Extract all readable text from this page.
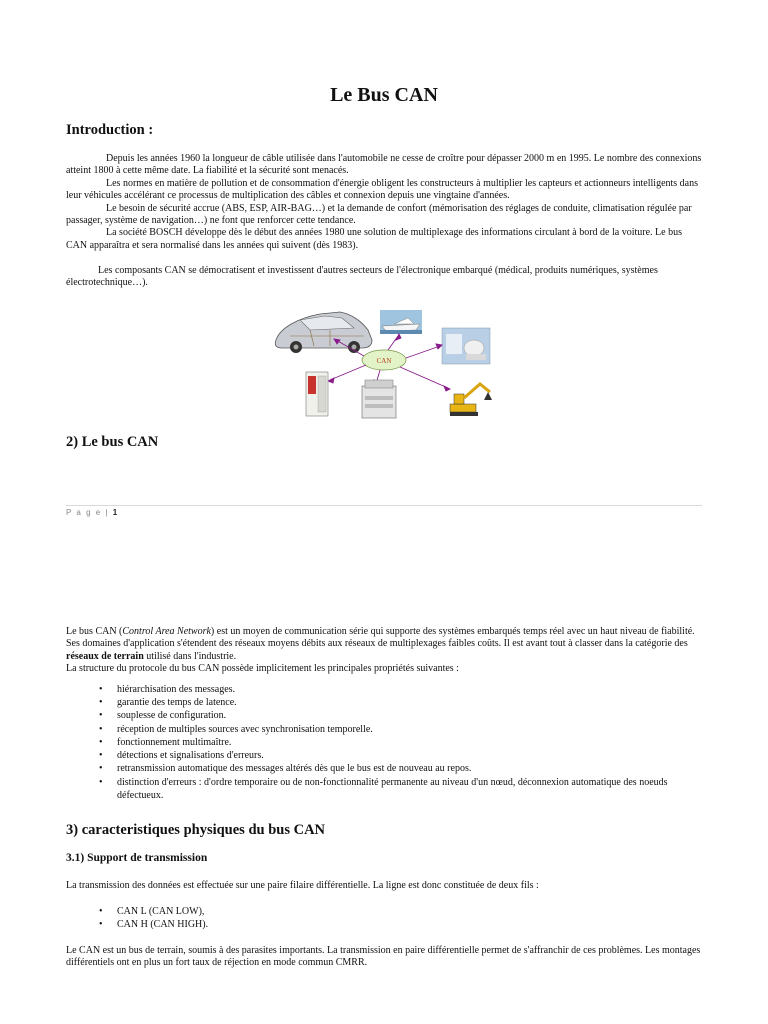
Le Bus CAN
Introduction :

Depuis les années 1960 la longueur de câble utilisée dans l'automobile ne cesse de croître pour dépasser 2000 m en 1995. Le nombre des connexions atteint 1800 à cette même date. La fiabilité et la sécurité sont menacés.

Les normes en matière de pollution et de consommation d'énergie obligent les constructeurs à multiplier les capteurs et actionneurs intelligents dans leur véhicules accélérant ce processus de multiplication des câbles et connexion depuis une vingtaine d'années.

Le besoin de sécurité accrue (ABS, ESP, AIR-BAG…) et la demande de confort (mémorisation des réglages de conduite, climatisation régulée par passager, système de navigation…) ne font que renforcer cette tendance.

La société BOSCH développe dès le début des années 1980 une solution de multiplexage des informations circulant à bord de la voiture. Le bus CAN apparaîtra et sera normalisé dans les années qui suivent (dès 1983).

Les composants CAN se démocratisent et investissent d'autres secteurs de l'électronique embarqué (médical, produits numériques, systèmes électrotechnique…).
CAN
2) Le bus CAN
P a g e | 1

Le bus CAN (Control Area Network) est un moyen de communication série qui supporte des systèmes embarqués temps réel avec un haut niveau de fiabilité. Ses domaines d'application s'étendent des réseaux moyens débits aux réseaux de multiplexages faibles coûts. Il est avant tout à classer dans la catégorie des réseaux de terrain utilisé dans l'industrie.

La structure du protocole du bus CAN possède implicitement les principales propriétés suivantes :

• hiérarchisation des messages.
• garantie des temps de latence.
• souplesse de configuration.
• réception de multiples sources avec synchronisation temporelle.
• fonctionnement multimaître.
• détections et signalisations d'erreurs.
• retransmission automatique des messages altérés dès que le bus est de nouveau au repos.
• distinction d'erreurs : d'ordre temporaire ou de non-fonctionnalité permanente au niveau d'un nœud, déconnexion automatique des noeuds défectueux.
3) caracteristiques physiques du bus CAN
3.1) Support de transmission
La transmission des données est effectuée sur une paire filaire différentielle. La ligne est donc constituée de deux fils :
• CAN L (CAN LOW),
• CAN H (CAN HIGH).
Le CAN est un bus de terrain, soumis à des parasites importants. La transmission en paire différentielle permet de s'affranchir de ces problèmes. Les montages différentiels ont en plus un fort taux de réjection en mode commun CMRR.
